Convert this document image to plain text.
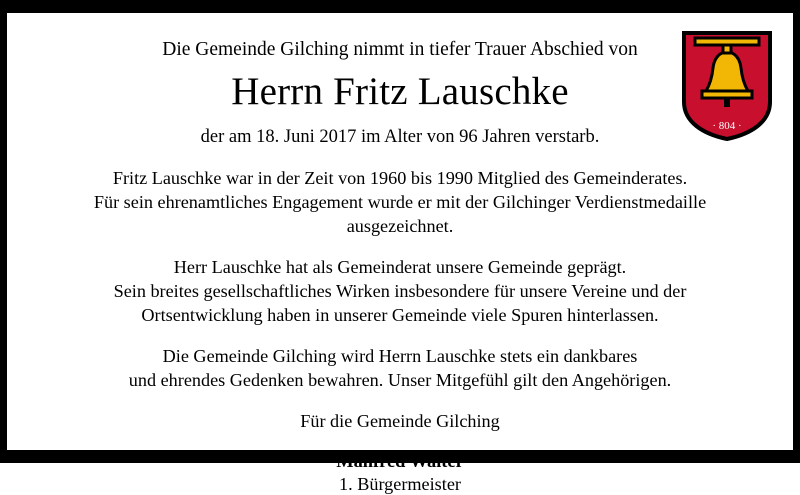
Die Gemeinde Gilching nimmt in tiefer Trauer Abschied von
Herrn Fritz Lauschke
der am 18. Juni 2017 im Alter von 96 Jahren verstarb.
Fritz Lauschke war in der Zeit von 1960 bis 1990 Mitglied des Gemeinderates.
Für sein ehrenamtliches Engagement wurde er mit der Gilchinger Verdienstmedaille
ausgezeichnet.
Herr Lauschke hat als Gemeinderat unsere Gemeinde geprägt.
Sein breites gesellschaftliches Wirken insbesondere für unsere Vereine und der
Ortsentwicklung haben in unserer Gemeinde viele Spuren hinterlassen.
Die Gemeinde Gilching wird Herrn Lauschke stets ein dankbares
und ehrendes Gedenken bewahren. Unser Mitgefühl gilt den Angehörigen.
Für die Gemeinde Gilching
Manfred Walter
1. Bürgermeister
· 804 ·
